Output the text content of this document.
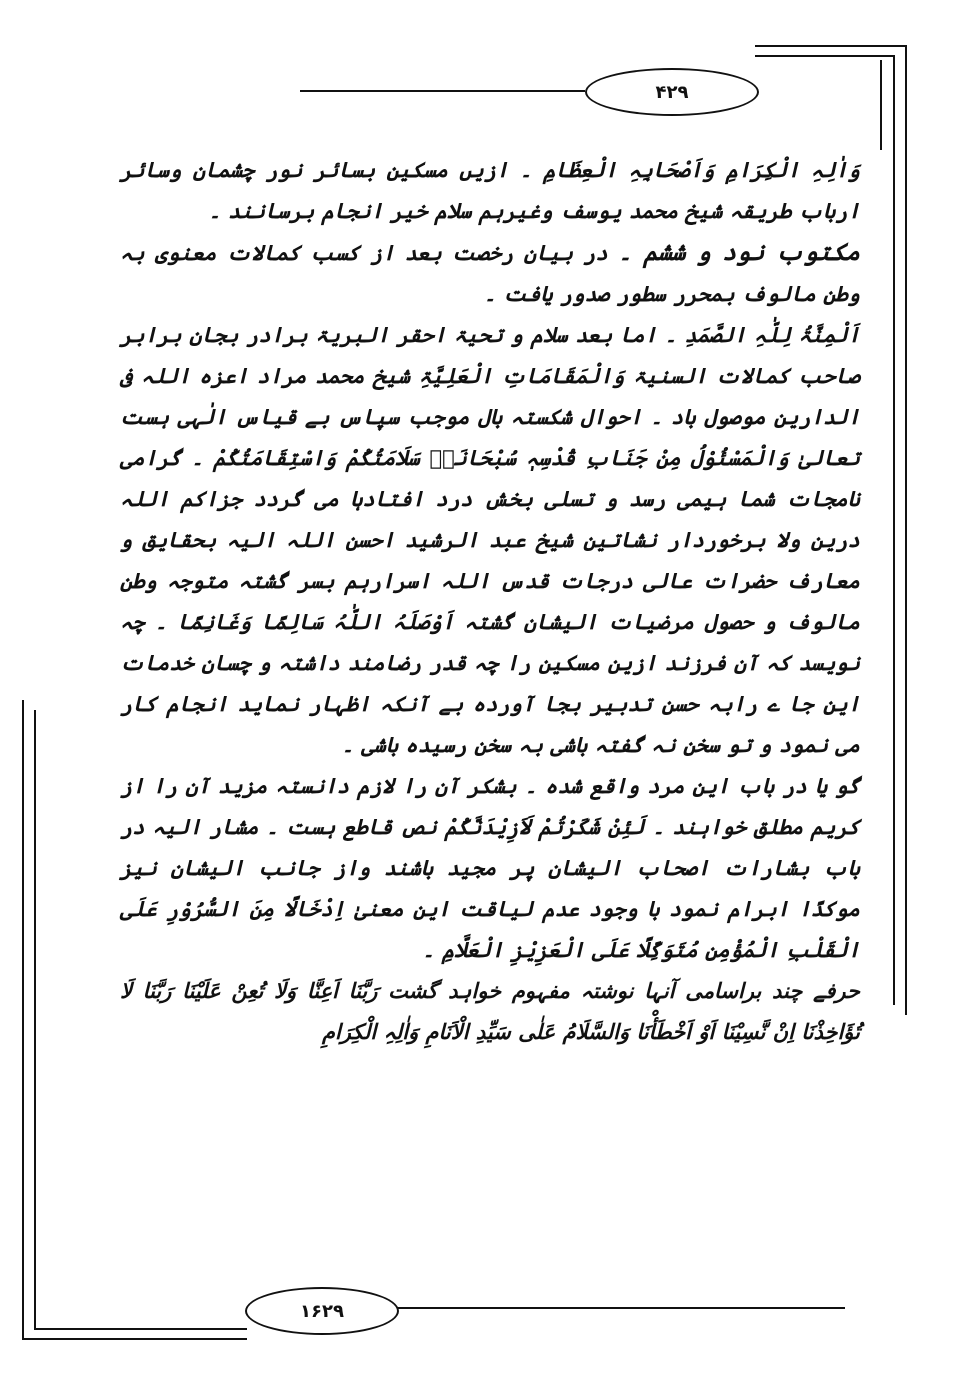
۴۲۹
۱۶۲۹

وَاٰلِہِ الْکِرَامِ وَاَصْحَابِہِ الْعِظَامِ ۔ ازیں مسکین بسائر نور چشمان وسائر ارباب طریقہ شیخ محمد یوسف وغیرہم سلام خیر انجام برسانند ۔

مکتوب نود و ششم ۔ در بیان رخصت بعد از کسب کمالات معنوی بہ وطن مالوف بمحرر سطور صدور یافت ۔

اَلْمِنَّۃُ لِلّٰہِ الصَّمَدِ ۔ اما بعد سلام و تحیۃ احقر البریۃ برادر بجان برابر صاحب کمالات السنیۃ وَالْمَقَامَاتِ الْعَلِیَّۃِ شیخ محمد مراد اعزہ اللہ فی الدارین موصول باد ۔ احوال شکستہ بال موجب سپاس بے قیاس الٰہی ہست تعالیٰ وَالْمَسْئُوْلُ مِنْ جَنَابِ قُدْسِہٖ سُبْحَانَہٗ سَلَامَتُکُمْ وَاسْتِقَامَتُکُمْ ۔ گرامی نامجات شما ہیمی رسد و تسلی بخش درد افتادہا می گردد جزاکم اللہ درین ولا برخوردار نشاتین شیخ عبد الرشید احسن اللہ الیہ بحقایق و معارف حضرات عالی درجات قدس اللہ اسرارہم بسر گشتہ متوجہ وطن مالوف و حصول مرضیات الیشان گشتہ اَوْصَلَہُ اللّٰہُ سَالِمًا وَغَانِمًا ۔ چہ نویسد کہ آن فرزند ازین مسکین را چہ قدر رضامند داشتہ و چسان خدمات این جا ے رابہ حسن تدبیر بجا آوردہ بے آنکہ اظہار نماید انجام کار می نمود و تو سخن نہ گفتہ باشی بہ سخن رسیدہ باشی ۔

گو یا در باب این مرد واقع شدہ ۔ بشکر آن را لازم دانستہ مزید آن را از کریم مطلق خواہند ۔ لَئِنْ شَکَرْتُمْ لَاَزِیْدَنَّکُمْ نص قاطع ہست ۔ مشار الیہ در باب بشارات اصحاب الیشان پر مجید باشند واز جانب الیشان نیز موکدًا ابرام نمود با وجود عدم لیاقت این معنیٰ اِدْخَالًا مِنَ السُّرُوْرِ عَلَی الْقَلْبِ الْمُؤْمِنِ مُتَوَکِّلًا عَلَی الْعَزِیْزِ الْعَلَّامِ ۔

حرفے چند براسامی آنہا نوشتہ مفہوم خواہد گشت رَبَّنَا اَعِنَّا وَلَا تُعِنْ عَلَیْنَا رَبَّنَا لَا تُؤَاخِذْنَا اِنْ نَّسِیْنَا اَوْ اَخْطَأْنَا وَالسَّلَامُ عَلٰی سَیِّدِ الْاَنَامِ وَاٰلِہِ الْکِرَامِ
